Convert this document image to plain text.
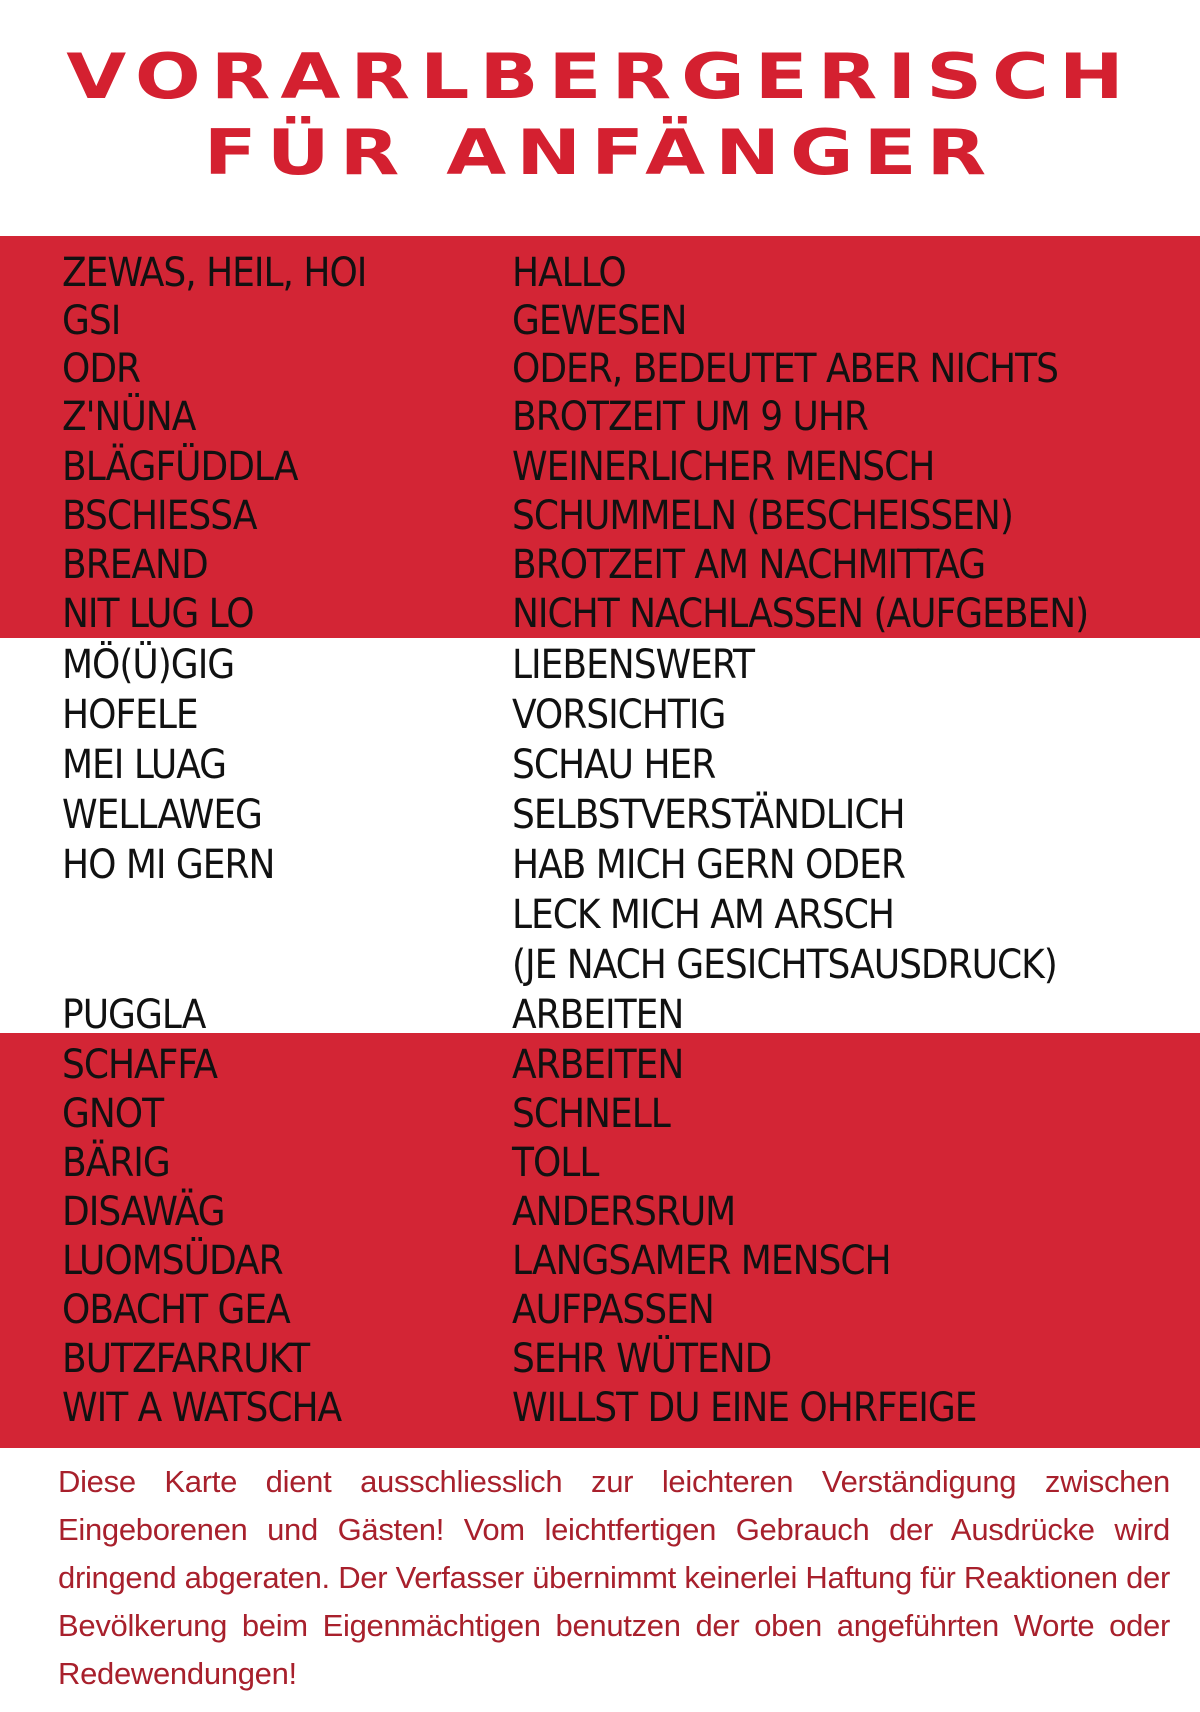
VORARLBERGERISCH
FÜR ANFÄNGER
ZEWAS, HEIL, HOI	HALLO
GSI	GEWESEN
ODR	ODER, BEDEUTET ABER NICHTS
Z'NÜNA	BROTZEIT UM 9 UHR
BLÄGFÜDDLA	WEINERLICHER MENSCH
BSCHIESSA	SCHUMMELN (BESCHEISSEN)
BREAND	BROTZEIT AM NACHMITTAG
NIT LUG LO	NICHT NACHLASSEN (AUFGEBEN)
MÖ(Ü)GIG	LIEBENSWERT
HOFELE	VORSICHTIG
MEI LUAG	SCHAU HER
WELLAWEG	SELBSTVERSTÄNDLICH
HO MI GERN	HAB MICH GERN ODER
LECK MICH AM ARSCH
(JE NACH GESICHTSAUSDRUCK)
PUGGLA	ARBEITEN
SCHAFFA	ARBEITEN
GNOT	SCHNELL
BÄRIG	TOLL
DISAWÄG	ANDERSRUM
LUOMSÜDAR	LANGSAMER MENSCH
OBACHT GEA	AUFPASSEN
BUTZFARRUKT	SEHR WÜTEND
WIT A WATSCHA	WILLST DU EINE OHRFEIGE
Diese Karte dient ausschliesslich zur leichteren Verständigung zwischen Eingeborenen und Gästen! Vom leichtfertigen Gebrauch der Ausdrücke wird dringend abgeraten. Der Verfasser übernimmt keinerlei Haftung für Reaktionen der Bevölkerung beim Eigenmächtigen benutzen der oben angeführten Worte oder Redewendungen!
